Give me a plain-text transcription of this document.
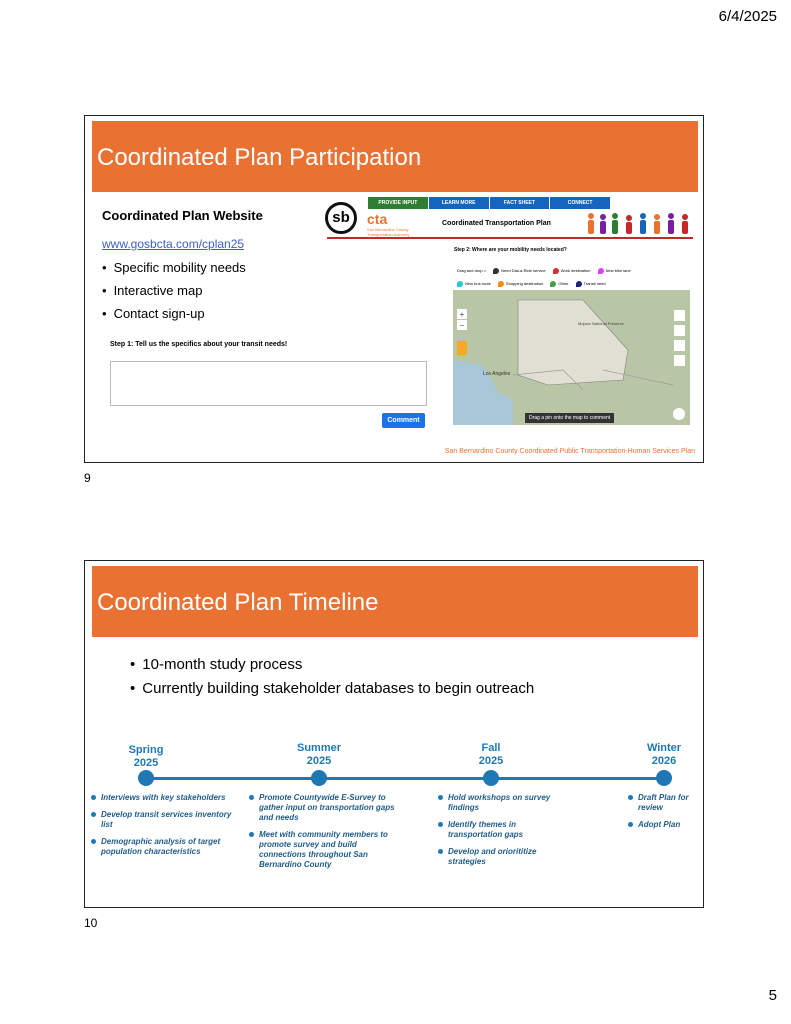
6/4/2025
Coordinated Plan Participation
Coordinated Plan Website
www.gosbcta.com/cplan25
• Specific mobility needs
• Interactive map
• Contact sign-up
Step 1: Tell us the specifics about your transit needs!
Comment
sb	cta
San Bernardino County Transportation Authority
PROVIDE INPUT	LEARN MORE	FACT SHEET	CONNECT
Coordinated Transportation Plan
Step 2: Where are your mobility needs located?
Drag and drop >	Need Dial-a-Ride service	Work destination	New bike lane
New bus route	Shopping destination	Other	Transit need
+
−
Los Angeles
Mojave National Preserve
Drag a pin onto the map to comment
San Bernardino County Coordinated Public Transportation-Human Services Plan
9
Coordinated Plan Timeline
• 10-month study process
• Currently building stakeholder databases to begin outreach
Spring
2025
Interviews with key stakeholders
Develop transit services inventory list
Demographic analysis of target population characteristics
Summer
2025
Promote Countywide E-Survey to gather input on transportation gaps and needs
Meet with community members to promote survey and build connections throughout San Bernardino County
Fall
2025
Hold workshops on survey findings
Identify themes in transportation gaps
Develop and oriorititize strategies
Winter
2026
Draft Plan for review
Adopt Plan
10
5
